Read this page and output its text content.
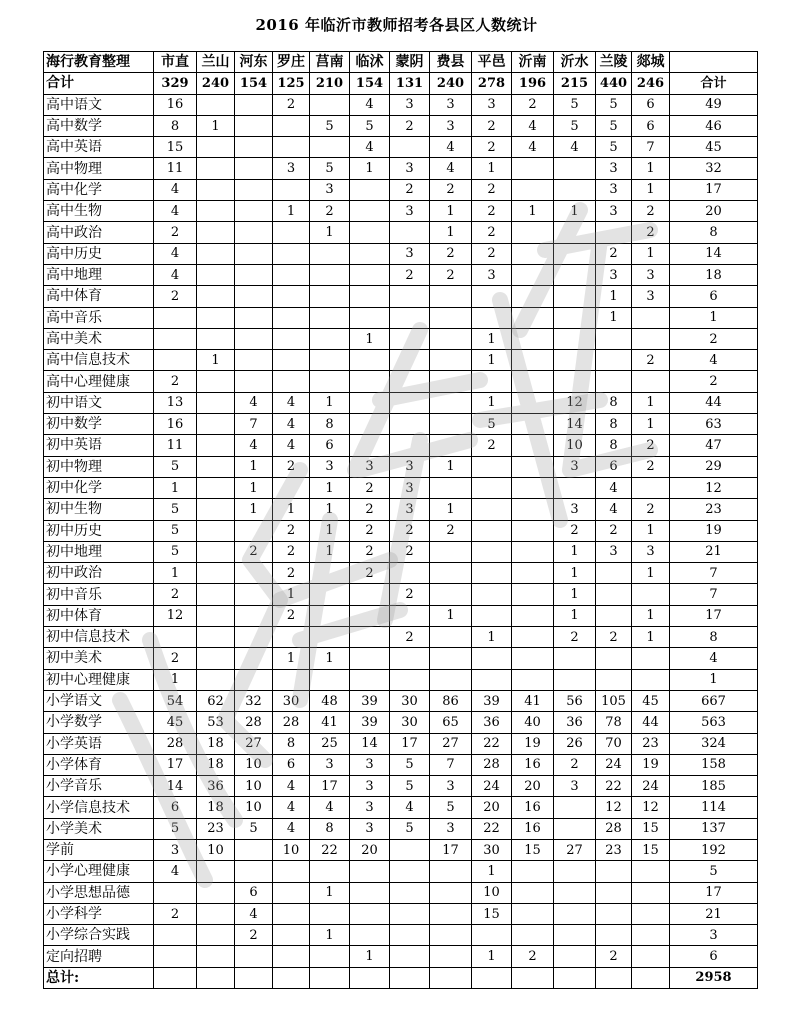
2016 年临沂市教师招考各县区人数统计
海行教育整理	市直	兰山	河东	罗庄	莒南	临沭	蒙阴	费县	平邑	沂南	沂水	兰陵	郯城	
合计	329	240	154	125	210	154	131	240	278	196	215	440	246	合计
高中语文	16			2		4	3	3	3	2	5	5	6	49
高中数学	8	1			5	5	2	3	2	4	5	5	6	46
高中英语	15					4		4	2	4	4	5	7	45
高中物理	11			3	5	1	3	4	1			3	1	32
高中化学	4				3		2	2	2			3	1	17
高中生物	4			1	2		3	1	2	1	1	3	2	20
高中政治	2				1			1	2				2	8
高中历史	4						3	2	2			2	1	14
高中地理	4						2	2	3			3	3	18
高中体育	2											1	3	6
高中音乐												1		1
高中美术						1			1					2
高中信息技术		1							1				2	4
高中心理健康	2													2
初中语文	13		4	4	1				1		12	8	1	44
初中数学	16		7	4	8				5		14	8	1	63
初中英语	11		4	4	6				2		10	8	2	47
初中物理	5		1	2	3	3	3	1			3	6	2	29
初中化学	1		1		1	2	3					4		12
初中生物	5		1	1	1	2	3	1			3	4	2	23
初中历史	5			2	1	2	2	2			2	2	1	19
初中地理	5		2	2	1	2	2				1	3	3	21
初中政治	1			2		2					1		1	7
初中音乐	2			1			2				1			7
初中体育	12			2				1			1		1	17
初中信息技术							2		1		2	2	1	8
初中美术	2			1	1									4
初中心理健康	1													1
小学语文	54	62	32	30	48	39	30	86	39	41	56	105	45	667
小学数学	45	53	28	28	41	39	30	65	36	40	36	78	44	563
小学英语	28	18	27	8	25	14	17	27	22	19	26	70	23	324
小学体育	17	18	10	6	3	3	5	7	28	16	2	24	19	158
小学音乐	14	36	10	4	17	3	5	3	24	20	3	22	24	185
小学信息技术	6	18	10	4	4	3	4	5	20	16		12	12	114
小学美术	5	23	5	4	8	3	5	3	22	16		28	15	137
学前	3	10		10	22	20		17	30	15	27	23	15	192
小学心理健康	4								1					5
小学思想品德			6		1				10					17
小学科学	2		4						15					21
小学综合实践			2		1									3
定向招聘						1			1	2		2		6
总计:														2958
